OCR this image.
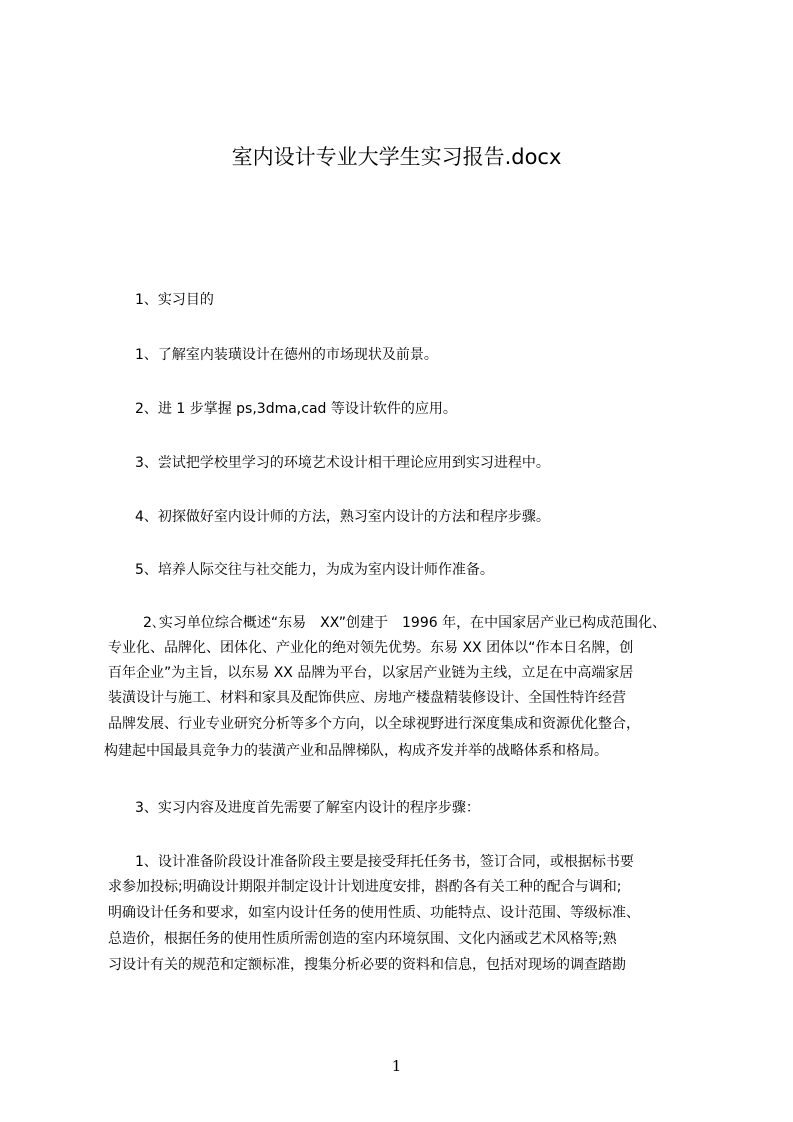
室内设计专业大学生实习报告.docx
1、实习目的
1、了解室内装璜设计在德州的市场现状及前景。
2、进 1 步掌握 ps,3dma,cad 等设计软件的应用。
3、尝试把学校里学习的环境艺术设计相干理论应用到实习进程中。
4、初探做好室内设计师的方法，熟习室内设计的方法和程序步骤。
5、培养人际交往与社交能力，为成为室内设计师作准备。
2､实习单位综合概述“东易　XX”创建于　1996 年，在中国家居产业已构成范围化、
专业化、品牌化、团体化、产业化的绝对领先优势。东易 XX 团体以“作本日名牌，创
百年企业”为主旨，以东易 XX 品牌为平台，以家居产业链为主线，立足在中高端家居
装潢设计与施工、材料和家具及配饰供应、房地产楼盘精装修设计、全国性特许经营
品牌发展、行业专业研究分析等多个方向，以全球视野进行深度集成和资源优化整合，
构建起中国最具竞争力的装潢产业和品牌梯队，构成齐发并举的战略体系和格局。
3、实习内容及进度首先需要了解室内设计的程序步骤：
1、设计准备阶段设计准备阶段主要是接受拜托任务书，签订合同，或根据标书要
求参加投标;明确设计期限并制定设计计划进度安排，斟酌各有关工种的配合与调和;
明确设计任务和要求，如室内设计任务的使用性质、功能特点、设计范围、等级标准、
总造价，根据任务的使用性质所需创造的室内环境氛围、文化内涵或艺术风格等;熟
习设计有关的规范和定额标准，搜集分析必要的资料和信息，包括对现场的调查踏勘
1
